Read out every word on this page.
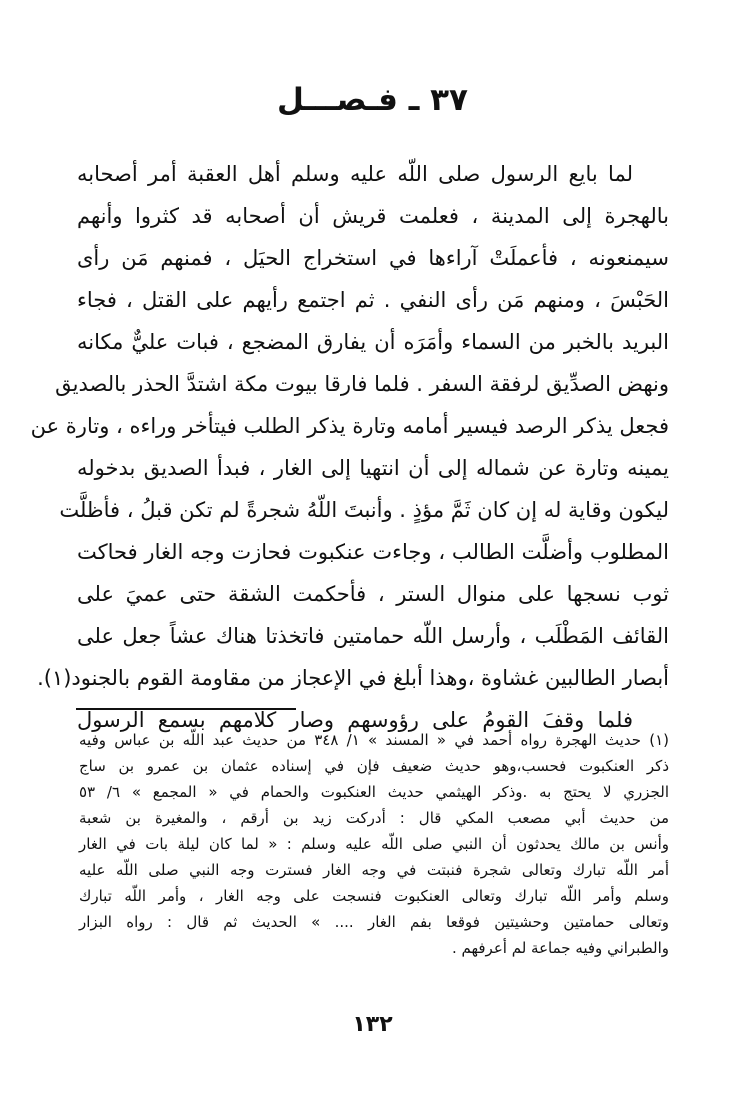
٣٧ ـ فـصـــل
لما بايع الرسول صلى اللّه عليه وسلم أهل العقبة أمر أصحابه
بالهجرة إلى المدينة ، فعلمت قريش أن أصحابه قد كثروا وأنهم
سيمنعونه ، فأعملَتْ آراءها في استخراج الحيَل ، فمنهم مَن رأى
الحَبْسَ ، ومنهم مَن رأى النفي . ثم اجتمع رأيهم على القتل ، فجاء
البريد بالخبر من السماء وأمَرَه أن يفارق المضجع ، فبات عليٌّ مكانه
ونهض الصدِّيق لرفقة السفر . فلما فارقا بيوت مكة اشتدَّ الحذر بالصديق
فجعل يذكر الرصد فيسير أمامه وتارة يذكر الطلب فيتأخر وراءه ، وتارة عن
يمينه وتارة عن شماله إلى أن انتهيا إلى الغار ، فبدأ الصديق بدخوله
ليكون وقاية له إن كان ثَمَّ مؤذٍ . وأنبتَ اللّهُ شجرةً لم تكن قبلُ ، فأظلَّت
المطلوب وأضلَّت الطالب ، وجاءت عنكبوت فحازت وجه الغار فحاكت
ثوب نسجها على منوال الستر ، فأحكمت الشقة حتى عميَ على
القائف المَطْلَب ، وأرسل اللّه حمامتين فاتخذتا هناك عشاً جعل على
أبصار الطالبين غشاوة ،وهذا أبلغ في الإعجاز من مقاومة القوم بالجنود(١).
فلما وقفَ القومُ على رؤوسهم وصار كلامهم بسمع الرسول
(١) حديث الهجرة رواه أحمد في « المسند » ١/ ٣٤٨ من حديث عبد اللّه بن عباس وفيه
ذكر العنكبوت فحسب،وهو حديث ضعيف فإن في إسناده عثمان بن عمرو بن ساج
الجزري لا يحتج به .وذكر الهيثمي حديث العنكبوت والحمام في « المجمع » ٦/ ٥٣
من حديث أبي مصعب المكي قال : أدركت زيد بن أرقم ، والمغيرة بن شعبة
وأنس بن مالك يحدثون أن النبي صلى اللّه عليه وسلم : « لما كان ليلة بات في الغار
أمر اللّه تبارك وتعالى شجرة فنبتت في وجه الغار فسترت وجه النبي صلى اللّه عليه
وسلم وأمر اللّه تبارك وتعالى العنكبوت فنسجت على وجه الغار ، وأمر اللّه تبارك
وتعالى حمامتين وحشيتين فوقعا بفم الغار .... » الحديث ثم قال : رواه البزار
والطبراني وفيه جماعة لم أعرفهم .
١٣٢
